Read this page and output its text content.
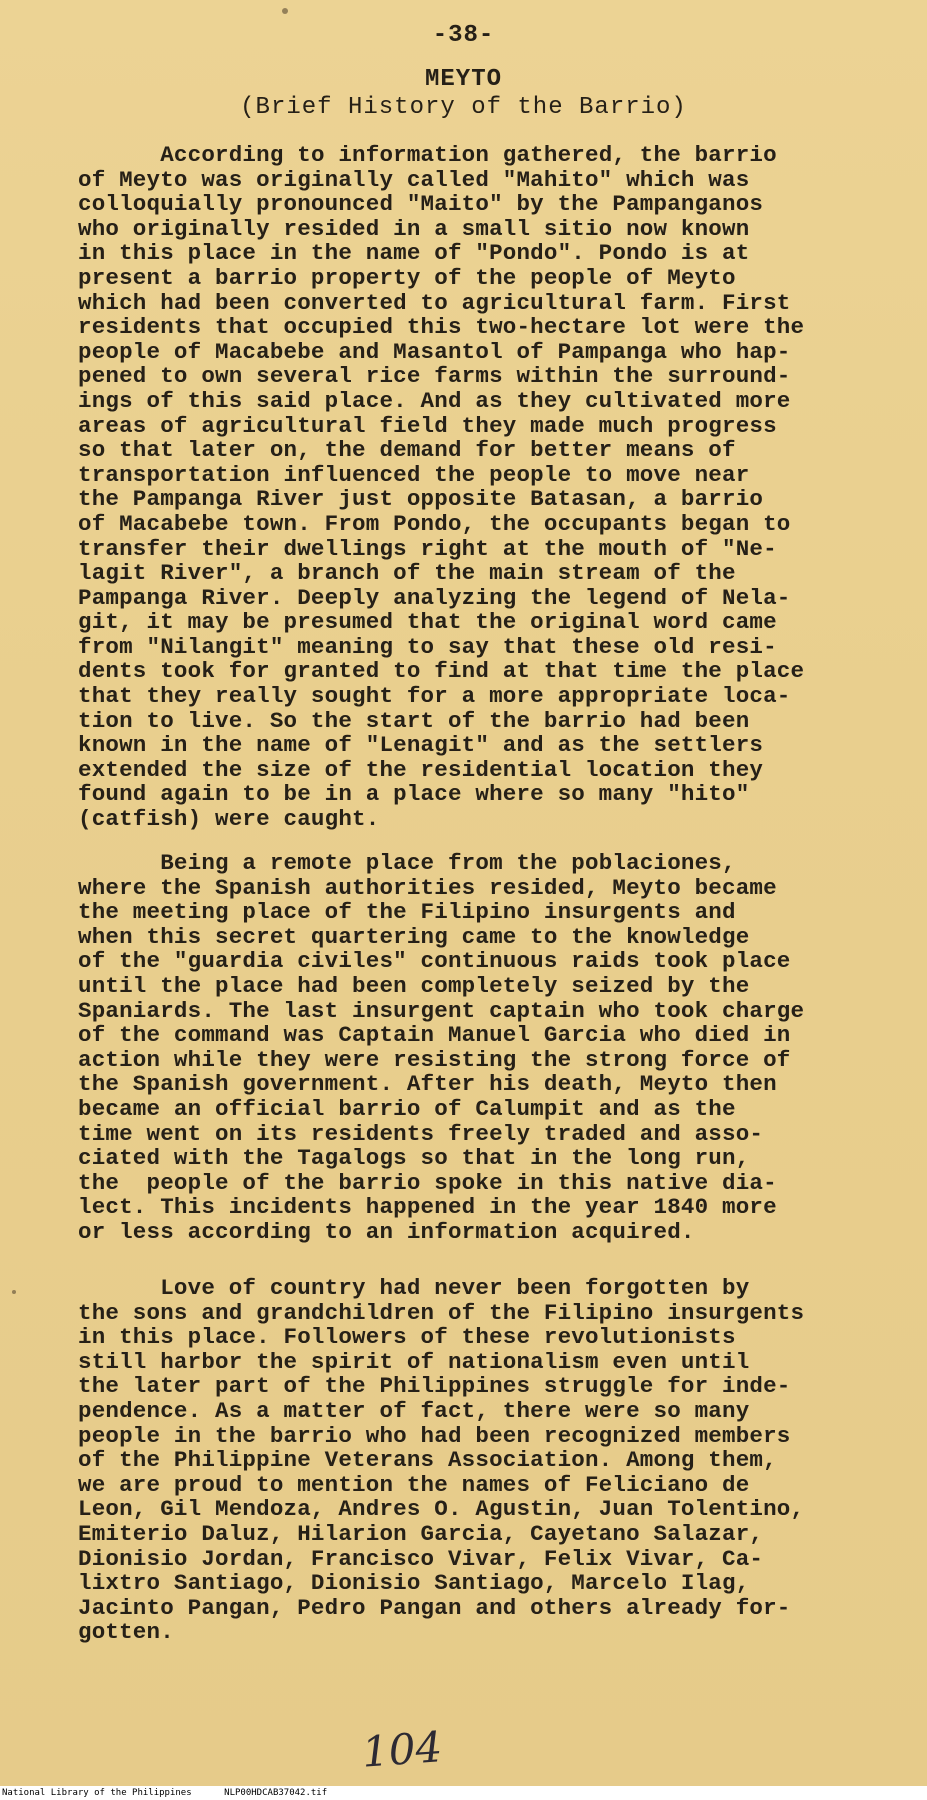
-38-
MEYTO
(Brief History of the Barrio)

According to information gathered, the barrio
of Meyto was originally called "Mahito" which was
colloquially pronounced "Maito" by the Pampanganos
who originally resided in a small sitio now known
in this place in the name of "Pondo". Pondo is at
present a barrio property of the people of Meyto
which had been converted to agricultural farm. First
residents that occupied this two-hectare lot were the
people of Macabebe and Masantol of Pampanga who hap-
pened to own several rice farms within the surround-
ings of this said place. And as they cultivated more
areas of agricultural field they made much progress
so that later on, the demand for better means of
transportation influenced the people to move near
the Pampanga River just opposite Batasan, a barrio
of Macabebe town. From Pondo, the occupants began to
transfer their dwellings right at the mouth of "Ne-
lagit River", a branch of the main stream of the
Pampanga River. Deeply analyzing the legend of Nela-
git, it may be presumed that the original word came
from "Nilangit" meaning to say that these old resi-
dents took for granted to find at that time the place
that they really sought for a more appropriate loca-
tion to live. So the start of the barrio had been
known in the name of "Lenagit" and as the settlers
extended the size of the residential location they
found again to be in a place where so many "hito"
(catfish) were caught.

Being a remote place from the poblaciones,
where the Spanish authorities resided, Meyto became
the meeting place of the Filipino insurgents and
when this secret quartering came to the knowledge
of the "guardia civiles" continuous raids took place
until the place had been completely seized by the
Spaniards. The last insurgent captain who took charge
of the command was Captain Manuel Garcia who died in
action while they were resisting the strong force of
the Spanish government. After his death, Meyto then
became an official barrio of Calumpit and as the
time went on its residents freely traded and asso-
ciated with the Tagalogs so that in the long run,
the  people of the barrio spoke in this native dia-
lect. This incidents happened in the year 1840 more
or less according to an information acquired.

Love of country had never been forgotten by
the sons and grandchildren of the Filipino insurgents
in this place. Followers of these revolutionists
still harbor the spirit of nationalism even until
the later part of the Philippines struggle for inde-
pendence. As a matter of fact, there were so many
people in the barrio who had been recognized members
of the Philippine Veterans Association. Among them,
we are proud to mention the names of Feliciano de
Leon, Gil Mendoza, Andres O. Agustin, Juan Tolentino,
Emiterio Daluz, Hilarion Garcia, Cayetano Salazar,
Dionisio Jordan, Francisco Vivar, Felix Vivar, Ca-
lixtro Santiago, Dionisio Santiago, Marcelo Ilag,
Jacinto Pangan, Pedro Pangan and others already for-
gotten.

104
National Library of the Philippines	NLP00HDCAB37042.tif
